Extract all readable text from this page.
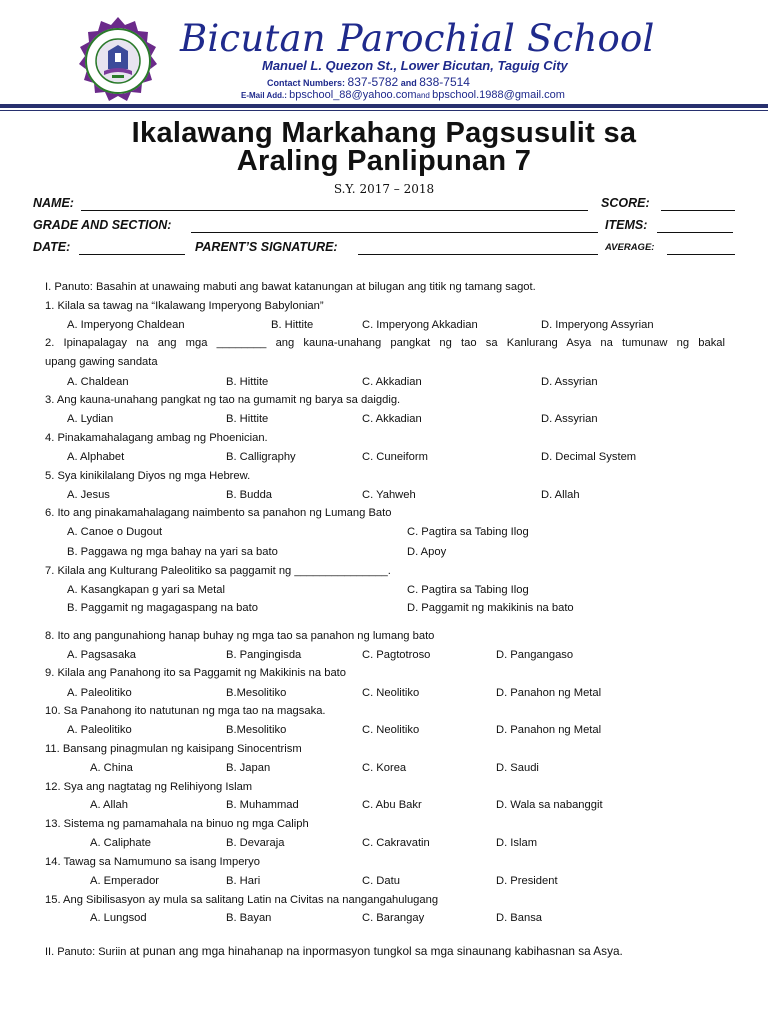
Bicutan Parochial School
Manuel L. Quezon St., Lower Bicutan, Taguig City
Contact Numbers: 837-5782 and 838-7514
E-Mail Add.: bpschool_88@yahoo.comand bpschool.1988@gmail.com
Ikalawang Markahang Pagsusulit sa
Araling Panlipunan 7
S.Y. 2017 – 2018
NAME:	SCORE:
GRADE AND SECTION:	ITEMS:
DATE:	PARENT’S SIGNATURE:	AVERAGE:
I. Panuto: Basahin at unawaing mabuti ang bawat katanungan at bilugan ang titik ng tamang sagot.
1. Kilala sa tawag na “Ikalawang Imperyong Babylonian”
A. Imperyong Chaldean	B. Hittite	C. Imperyong Akkadian	D. Imperyong Assyrian
2. Ipinapalagay na ang mga ________ ang kauna-unahang pangkat ng tao sa Kanlurang Asya na tumunaw ng bakal
upang gawing sandata
A. Chaldean	B. Hittite	C. Akkadian	D. Assyrian
3. Ang kauna-unahang pangkat ng tao na gumamit ng barya sa daigdig.
A. Lydian	B. Hittite	C. Akkadian	D. Assyrian
4. Pinakamahalagang ambag ng Phoenician.
A. Alphabet	B. Calligraphy	C. Cuneiform	D. Decimal System
5. Sya kinikilalang Diyos ng mga Hebrew.
A. Jesus	B. Budda	C. Yahweh	D. Allah
6. Ito ang pinakamahalagang naimbento sa panahon ng Lumang Bato
A. Canoe o Dugout	C. Pagtira sa Tabing Ilog
B. Paggawa ng mga bahay na yari sa bato	D. Apoy
7. Kilala ang Kulturang Paleolitiko sa paggamit ng _______________.
A. Kasangkapan g yari sa Metal	C. Pagtira sa Tabing Ilog
B. Paggamit ng magagaspang na bato	D. Paggamit ng makikinis na bato
8. Ito ang pangunahiong hanap buhay ng mga tao sa panahon ng lumang bato
A. Pagsasaka	B. Pangingisda	C. Pagtotroso	D. Pangangaso
9. Kilala ang Panahong ito sa Paggamit ng Makikinis na bato
A. Paleolitiko	B.Mesolitiko	C. Neolitiko	D. Panahon ng Metal
10. Sa Panahong ito natutunan ng mga tao na magsaka.
A. Paleolitiko	B.Mesolitiko	C. Neolitiko	D. Panahon ng Metal
11. Bansang pinagmulan ng kaisipang Sinocentrism
A. China	B. Japan	C. Korea	D. Saudi
12. Sya ang nagtatag ng Relihiyong Islam
A. Allah	B. Muhammad	C. Abu Bakr	D. Wala sa nabanggit
13. Sistema ng pamamahala na binuo ng mga Caliph
A. Caliphate	B. Devaraja	C. Cakravatin	D. Islam
14. Tawag sa Namumuno sa isang Imperyo
A. Emperador	B. Hari	C. Datu	D. President
15. Ang Sibilisasyon ay mula sa salitang Latin na Civitas na nangangahulugang
A. Lungsod	B. Bayan	C. Barangay	D. Bansa
II. Panuto: Suriin at punan ang mga hinahanap na inpormasyon tungkol sa mga sinaunang kabihasnan sa Asya.
